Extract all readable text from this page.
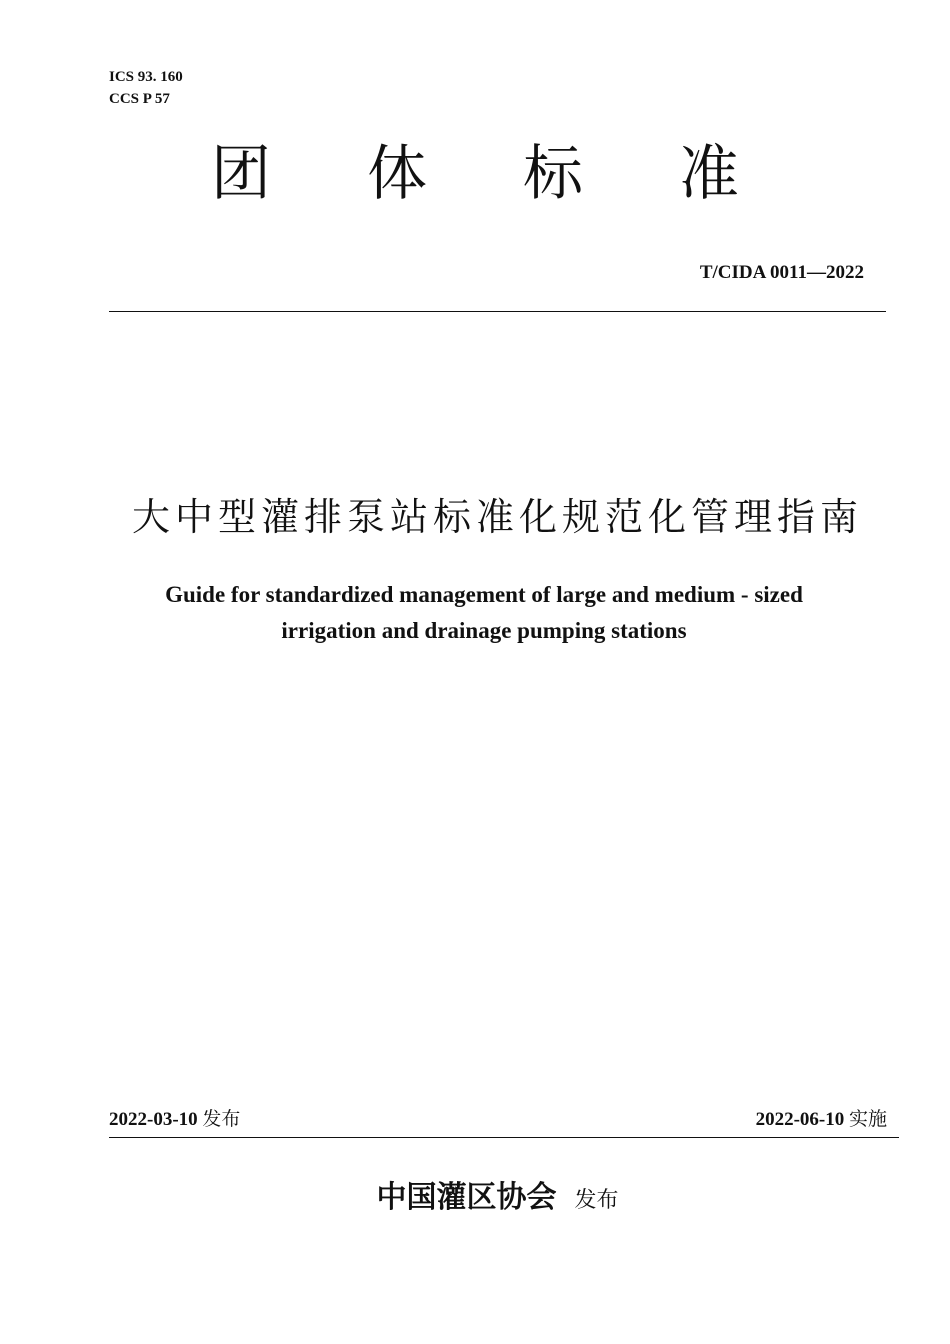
ICS 93. 160
CCS P 57
团 体 标 准
T/CIDA 0011—2022
大中型灌排泵站标准化规范化管理指南
Guide for standardized management of large and medium - sized
irrigation and drainage pumping stations
2022-03-10 发布	2022-06-10 实施
中国灌区协会 发布
